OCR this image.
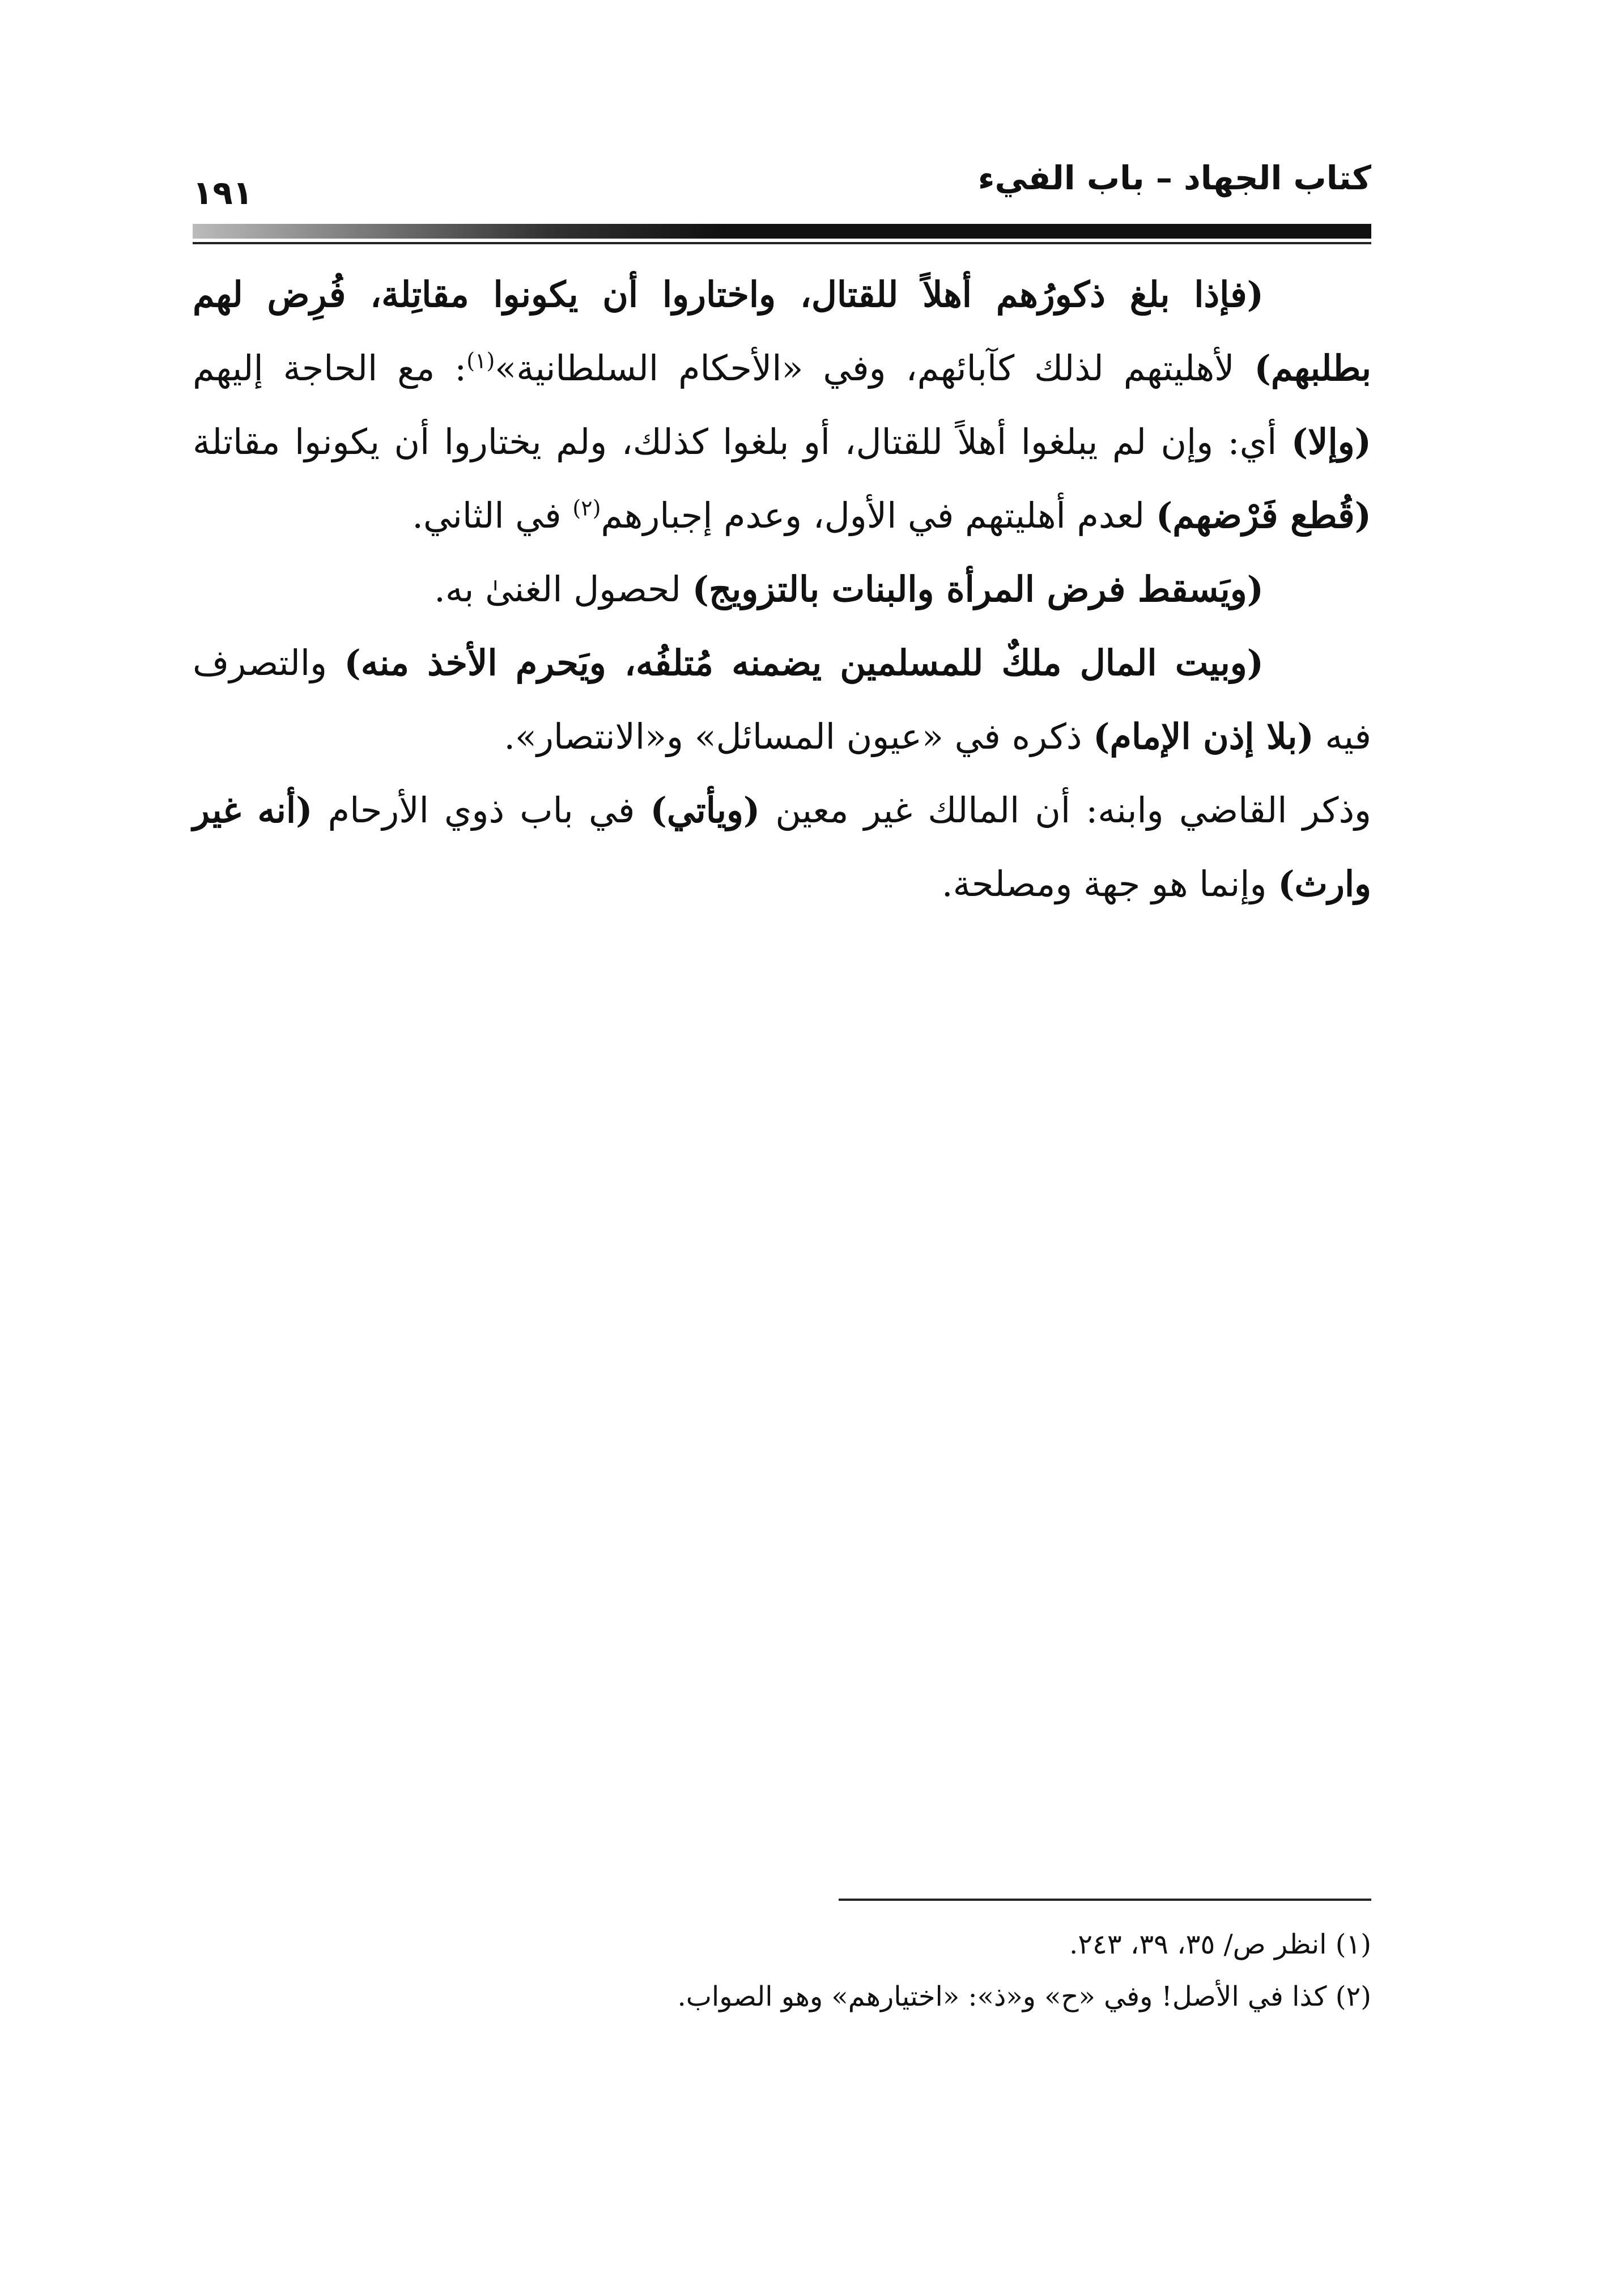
كتاب الجهاد – باب الفيء
١٩١

(فإذا بلغ ذكورُهم أهلاً للقتال، واختاروا أن يكونوا مقاتِلة، فُرِض لهم بطلبهم) لأهليتهم لذلك كآبائهم، وفي «الأحكام السلطانية»$^{(١)}$: مع الحاجة إليهم (وإلا) أي: وإن لم يبلغوا أهلاً للقتال، أو بلغوا كذلك، ولم يختاروا أن يكونوا مقاتلة (قُطع فَرْضهم) لعدم أهليتهم في الأول، وعدم إجبارهم$^{(٢)}$ في الثاني.

(ويَسقط فرض المرأة والبنات بالتزويج) لحصول الغنىٰ به.

(وبيت المال ملكٌ للمسلمين يضمنه مُتلفُه، ويَحرم الأخذ منه) والتصرف فيه (بلا إذن الإمام) ذكره في «عيون المسائل» و«الانتصار».

وذكر القاضي وابنه: أن المالك غير معين (ويأتي) في باب ذوي الأرحام (أنه غير وارث) وإنما هو جهة ومصلحة.

(١) انظر ص/ ٣٥، ٣٩، ٢٤٣.

(٢) كذا في الأصل! وفي «ح» و«ذ»: «اختيارهم» وهو الصواب.
